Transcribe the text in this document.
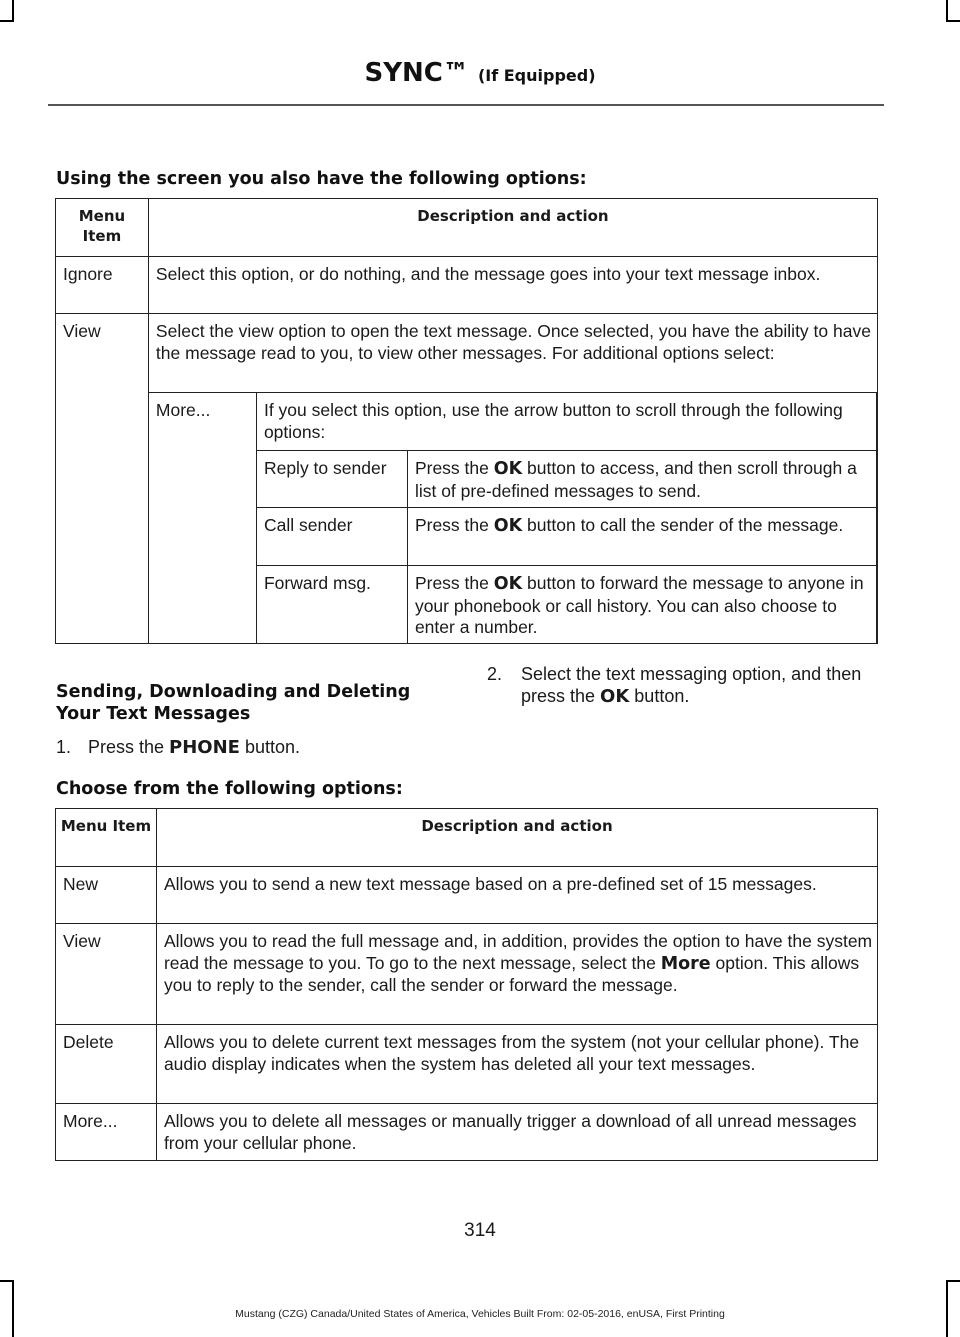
SYNC™ (If Equipped)
Using the screen you also have the following options:
Menu Item	Description and action
Ignore	Select this option, or do nothing, and the message goes into your text message inbox.
View	Select the view option to open the text message. Once selected, you have the ability to have the message read to you, to view other messages. For additional options select:
More...	If you select this option, use the arrow button to scroll through the following options:
Reply to sender	Press the OK button to access, and then scroll through a list of pre-defined messages to send.
Call sender	Press the OK button to call the sender of the message.
Forward msg.	Press the OK button to forward the message to anyone in your phonebook or call history. You can also choose to enter a number.
Sending, Downloading and Deleting Your Text Messages
1. Press the PHONE button.
2.	Select the text messaging option, and then press the OK button.
Choose from the following options:
Menu Item	Description and action
New	Allows you to send a new text message based on a pre-defined set of 15 messages.
View	Allows you to read the full message and, in addition, provides the option to have the system read the message to you. To go to the next message, select the More option. This allows you to reply to the sender, call the sender or forward the message.
Delete	Allows you to delete current text messages from the system (not your cellular phone). The audio display indicates when the system has deleted all your text messages.
More...	Allows you to delete all messages or manually trigger a download of all unread messages from your cellular phone.
314
Mustang (CZG) Canada/United States of America, Vehicles Built From: 02-05-2016, enUSA, First Printing
